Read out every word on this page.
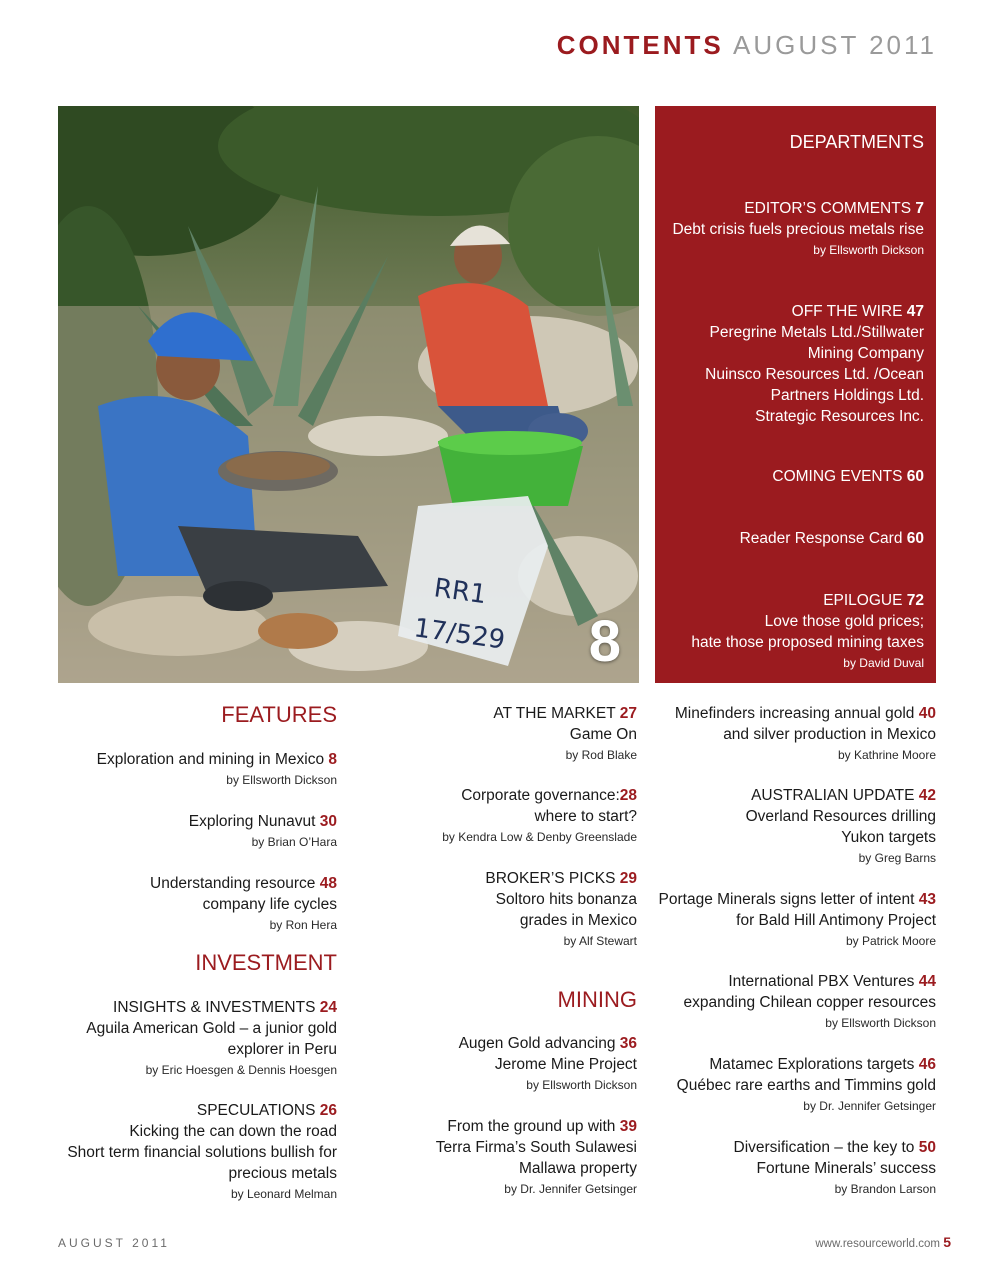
CONTENTS AUGUST 2011
RR1
17/529 8
DEPARTMENTS
EDITOR’S COMMENTS 7
Debt crisis fuels precious metals rise
by Ellsworth Dickson
OFF THE WIRE 47
Peregrine Metals Ltd./Stillwater
Mining Company
Nuinsco Resources Ltd. /Ocean
Partners Holdings Ltd.
Strategic Resources Inc.
COMING EVENTS 60
Reader Response Card 60
EPILOGUE 72
Love those gold prices;
hate those proposed mining taxes
by David Duval
FEATURES
Exploration and mining in Mexico 8
by Ellsworth Dickson
Exploring Nunavut 30
by Brian O’Hara
Understanding resource 48
company life cycles
by Ron Hera
INVESTMENT
INSIGHTS & INVESTMENTS 24
Aguila American Gold – a junior gold
explorer in Peru
by Eric Hoesgen & Dennis Hoesgen
SPECULATIONS 26
Kicking the can down the road
Short term financial solutions bullish for
precious metals
by Leonard Melman
AT THE MARKET 27
Game On
by Rod Blake
Corporate governance:28
where to start?
by Kendra Low & Denby Greenslade
BROKER’S PICKS 29
Soltoro hits bonanza
grades in Mexico
by Alf Stewart
MINING
Augen Gold advancing 36
Jerome Mine Project
by Ellsworth Dickson
From the ground up with 39
Terra Firma’s South Sulawesi
Mallawa property
by Dr. Jennifer Getsinger
Minefinders increasing annual gold 40
and silver production in Mexico
by Kathrine Moore
AUSTRALIAN UPDATE 42
Overland Resources drilling
Yukon targets
by Greg Barns
Portage Minerals signs letter of intent 43
for Bald Hill Antimony Project
by Patrick Moore
International PBX Ventures 44
expanding Chilean copper resources
by Ellsworth Dickson
Matamec Explorations targets 46
Québec rare earths and Timmins gold
by Dr. Jennifer Getsinger
Diversification – the key to 50
Fortune Minerals’ success
by Brandon Larson
AUGUST 2011	www.resourceworld.com 5
